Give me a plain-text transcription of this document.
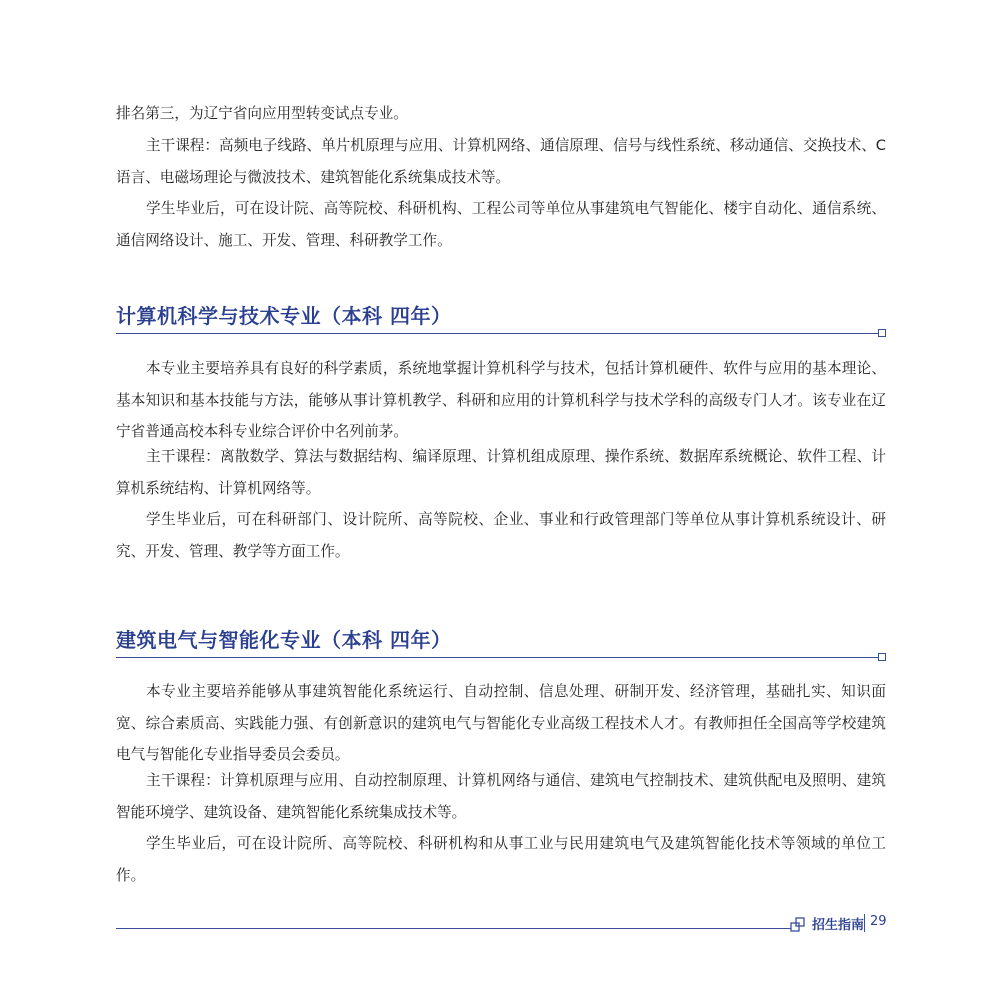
排名第三，为辽宁省向应用型转变试点专业。

主干课程：高频电子线路、单片机原理与应用、计算机网络、通信原理、信号与线性系统、移动通信、交换技术、C语言、电磁场理论与微波技术、建筑智能化系统集成技术等。

学生毕业后，可在设计院、高等院校、科研机构、工程公司等单位从事建筑电气智能化、楼宇自动化、通信系统、通信网络设计、施工、开发、管理、科研教学工作。

计算机科学与技术专业（本科 四年）

本专业主要培养具有良好的科学素质，系统地掌握计算机科学与技术，包括计算机硬件、软件与应用的基本理论、基本知识和基本技能与方法，能够从事计算机教学、科研和应用的计算机科学与技术学科的高级专门人才。该专业在辽宁省普通高校本科专业综合评价中名列前茅。

主干课程：离散数学、算法与数据结构、编译原理、计算机组成原理、操作系统、数据库系统概论、软件工程、计算机系统结构、计算机网络等。

学生毕业后，可在科研部门、设计院所、高等院校、企业、事业和行政管理部门等单位从事计算机系统设计、研究、开发、管理、教学等方面工作。

建筑电气与智能化专业（本科 四年）

本专业主要培养能够从事建筑智能化系统运行、自动控制、信息处理、研制开发、经济管理，基础扎实、知识面宽、综合素质高、实践能力强、有创新意识的建筑电气与智能化专业高级工程技术人才。有教师担任全国高等学校建筑电气与智能化专业指导委员会委员。

主干课程：计算机原理与应用、自动控制原理、计算机网络与通信、建筑电气控制技术、建筑供配电及照明、建筑智能环境学、建筑设备、建筑智能化系统集成技术等。

学生毕业后，可在设计院所、高等院校、科研机构和从事工业与民用建筑电气及建筑智能化技术等领域的单位工作。

招生指南 29
